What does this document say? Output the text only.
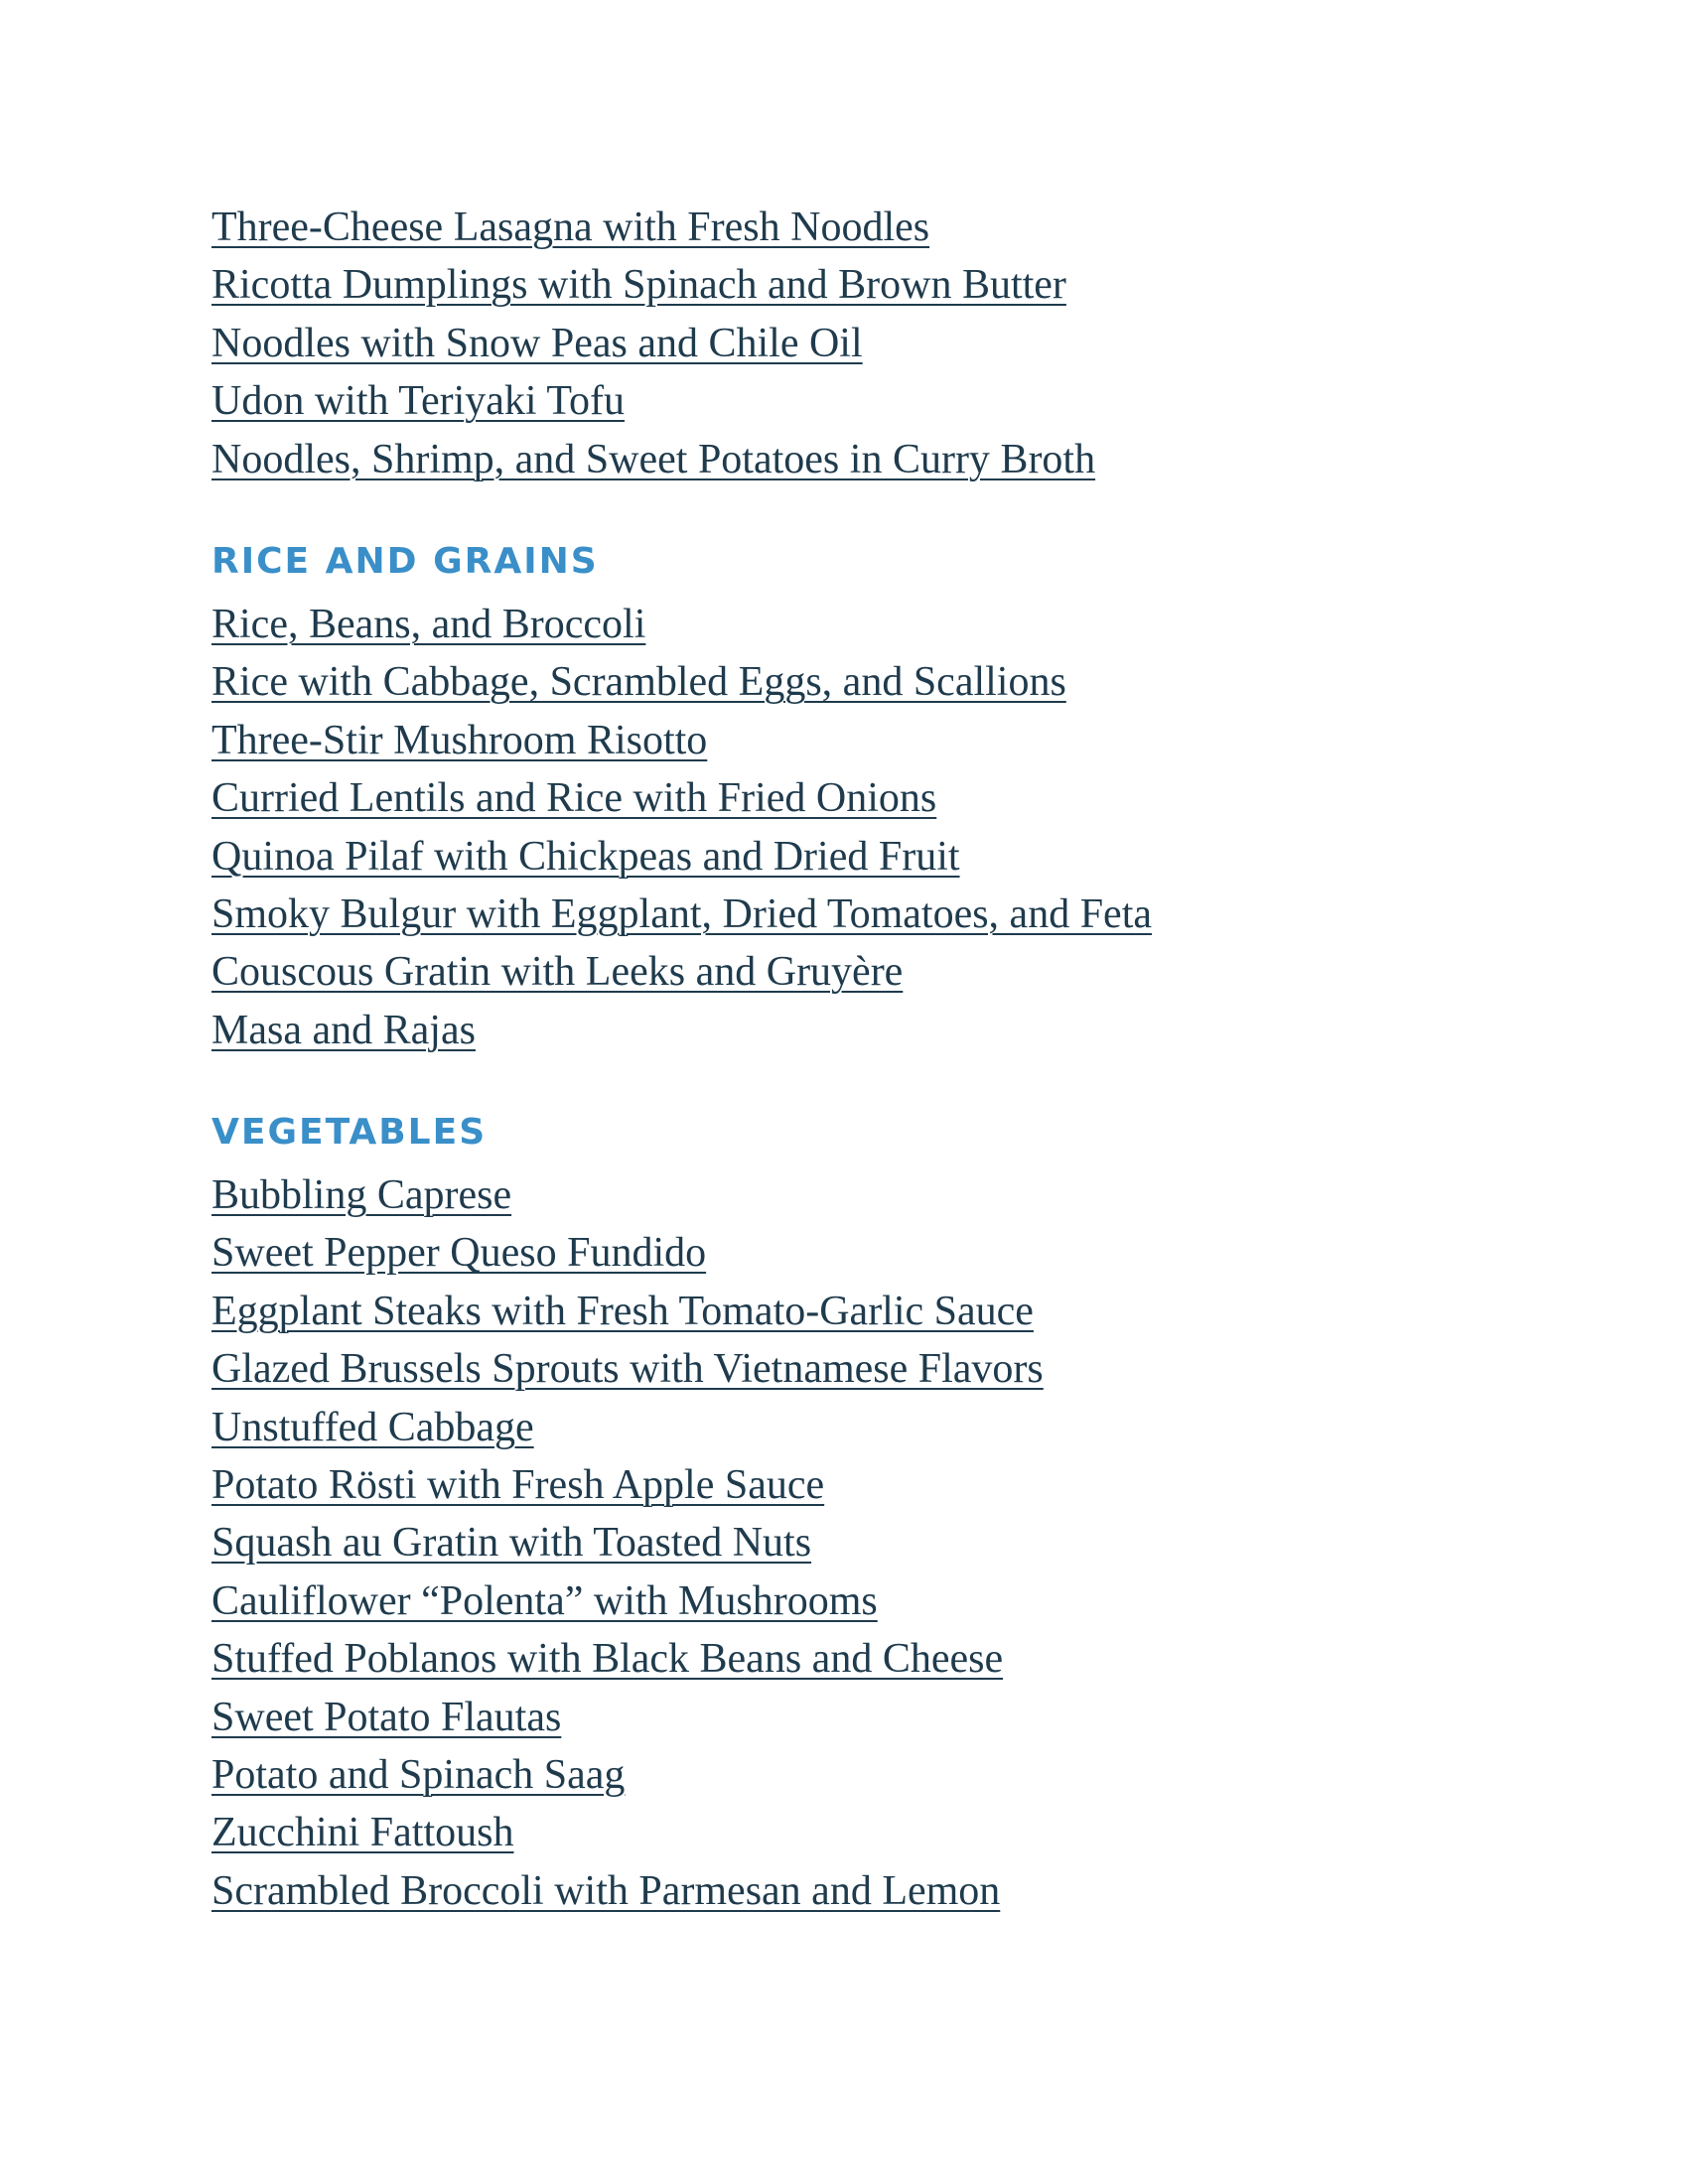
Three-Cheese Lasagna with Fresh Noodles
Ricotta Dumplings with Spinach and Brown Butter
Noodles with Snow Peas and Chile Oil
Udon with Teriyaki Tofu
Noodles, Shrimp, and Sweet Potatoes in Curry Broth
RICE AND GRAINS
Rice, Beans, and Broccoli
Rice with Cabbage, Scrambled Eggs, and Scallions
Three-Stir Mushroom Risotto
Curried Lentils and Rice with Fried Onions
Quinoa Pilaf with Chickpeas and Dried Fruit
Smoky Bulgur with Eggplant, Dried Tomatoes, and Feta
Couscous Gratin with Leeks and Gruyère
Masa and Rajas
VEGETABLES
Bubbling Caprese
Sweet Pepper Queso Fundido
Eggplant Steaks with Fresh Tomato-Garlic Sauce
Glazed Brussels Sprouts with Vietnamese Flavors
Unstuffed Cabbage
Potato Rösti with Fresh Apple Sauce
Squash au Gratin with Toasted Nuts
Cauliflower “Polenta” with Mushrooms
Stuffed Poblanos with Black Beans and Cheese
Sweet Potato Flautas
Potato and Spinach Saag
Zucchini Fattoush
Scrambled Broccoli with Parmesan and Lemon
